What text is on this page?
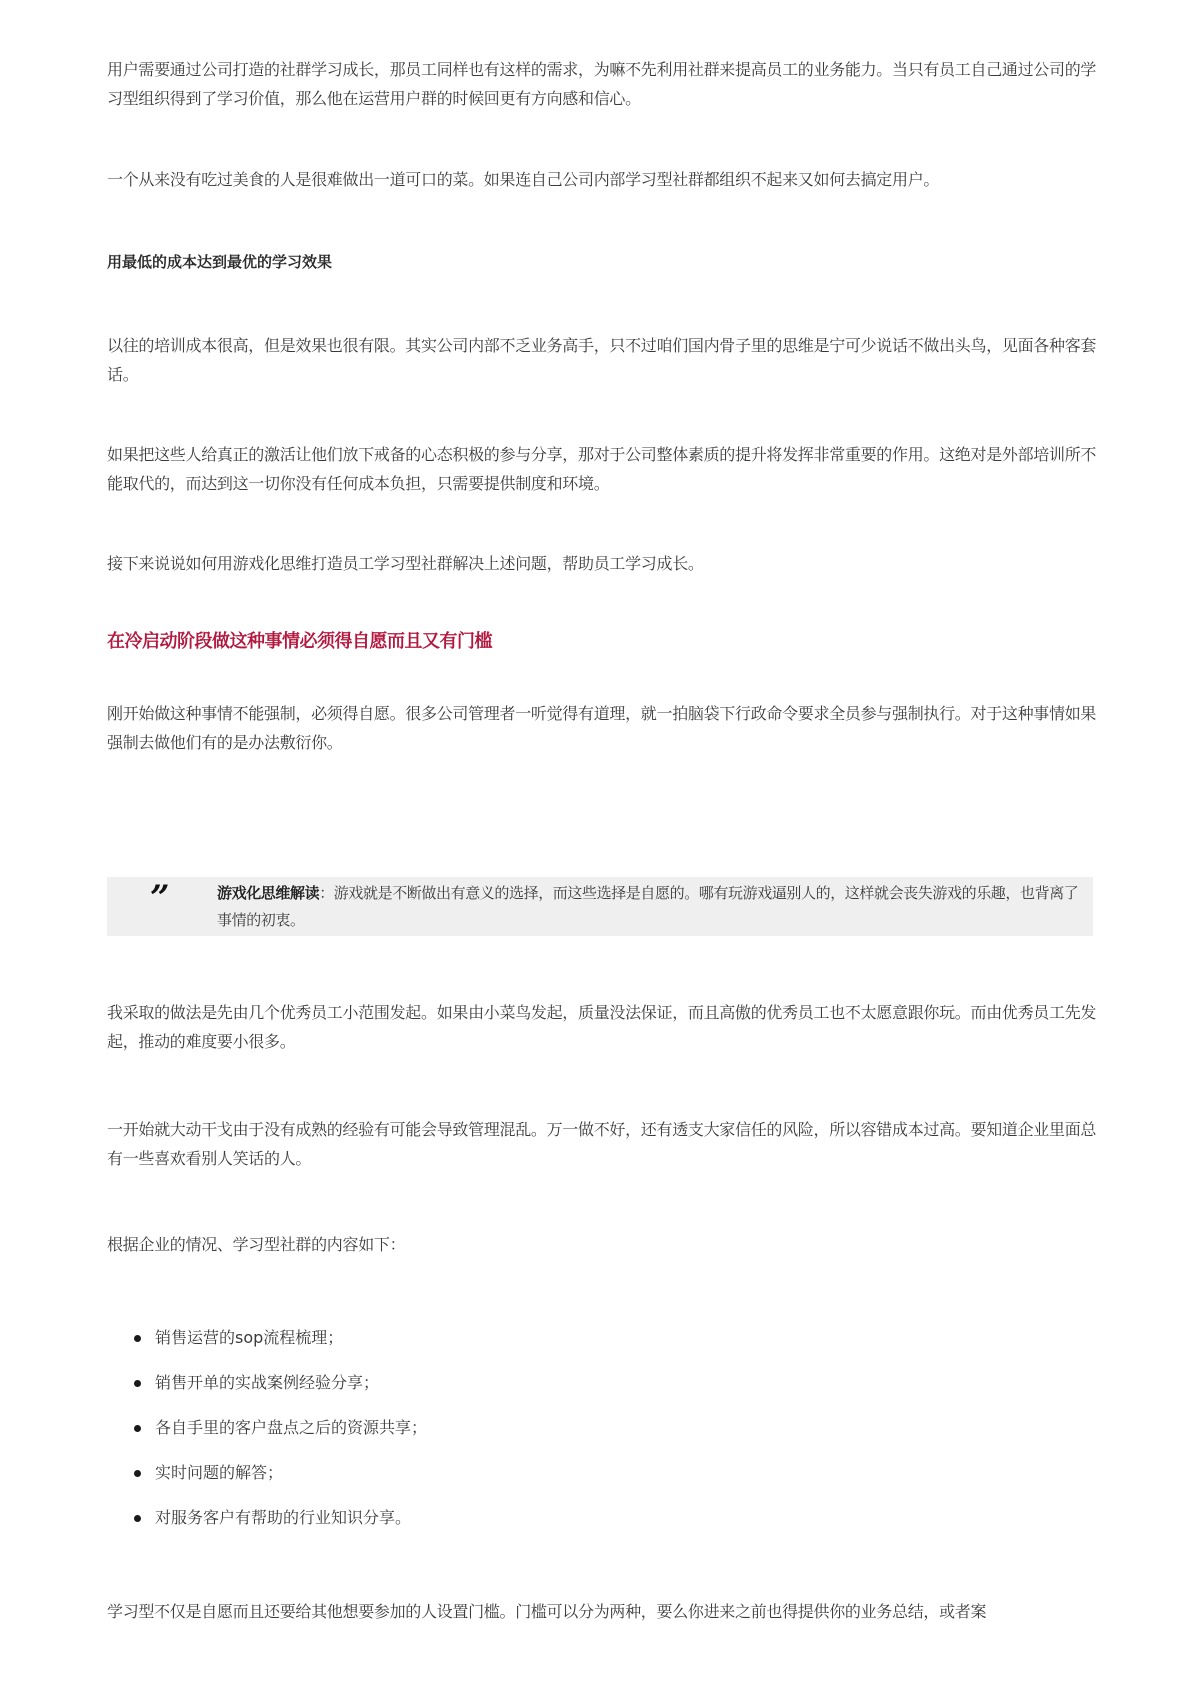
用户需要通过公司打造的社群学习成长，那员工同样也有这样的需求，为嘛不先利用社群来提高员工的业务能力。当只有员工自己通过公司的学习型组织得到了学习价值，那么他在运营用户群的时候回更有方向感和信心。

一个从来没有吃过美食的人是很难做出一道可口的菜。如果连自己公司内部学习型社群都组织不起来又如何去搞定用户。

用最低的成本达到最优的学习效果

以往的培训成本很高，但是效果也很有限。其实公司内部不乏业务高手，只不过咱们国内骨子里的思维是宁可少说话不做出头鸟，见面各种客套话。

如果把这些人给真正的激活让他们放下戒备的心态积极的参与分享，那对于公司整体素质的提升将发挥非常重要的作用。这绝对是外部培训所不能取代的，而达到这一切你没有任何成本负担，只需要提供制度和环境。

接下来说说如何用游戏化思维打造员工学习型社群解决上述问题，帮助员工学习成长。

在冷启动阶段做这种事情必须得自愿而且又有门槛

刚开始做这种事情不能强制，必须得自愿。很多公司管理者一听觉得有道理，就一拍脑袋下行政命令要求全员参与强制执行。对于这种事情如果强制去做他们有的是办法敷衍你。

”	游戏化思维解读：游戏就是不断做出有意义的选择，而这些选择是自愿的。哪有玩游戏逼别人的，这样就会丧失游戏的乐趣，也背离了事情的初衷。

我采取的做法是先由几个优秀员工小范围发起。如果由小菜鸟发起，质量没法保证，而且高傲的优秀员工也不太愿意跟你玩。而由优秀员工先发起，推动的难度要小很多。

一开始就大动干戈由于没有成熟的经验有可能会导致管理混乱。万一做不好，还有透支大家信任的风险，所以容错成本过高。要知道企业里面总有一些喜欢看别人笑话的人。

根据企业的情况、学习型社群的内容如下：

销售运营的sop流程梳理；
销售开单的实战案例经验分享；
各自手里的客户盘点之后的资源共享；
实时问题的解答；
对服务客户有帮助的行业知识分享。

学习型不仅是自愿而且还要给其他想要参加的人设置门槛。门槛可以分为两种，要么你进来之前也得提供你的业务总结，或者案
